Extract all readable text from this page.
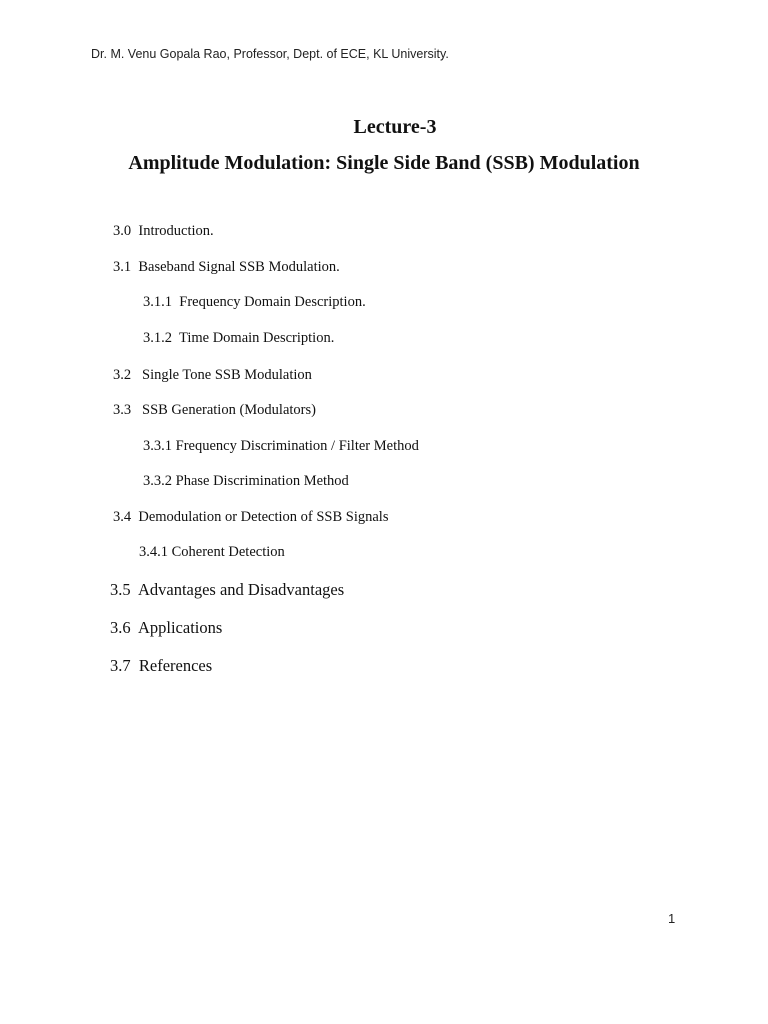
Dr. M. Venu Gopala Rao, Professor, Dept. of ECE, KL University.
Lecture-3
Amplitude Modulation: Single Side Band (SSB) Modulation
3.0  Introduction.
3.1  Baseband Signal SSB Modulation.
3.1.1  Frequency Domain Description.
3.1.2  Time Domain Description.
3.2   Single Tone SSB Modulation
3.3   SSB Generation (Modulators)
3.3.1 Frequency Discrimination / Filter Method
3.3.2 Phase Discrimination Method
3.4  Demodulation or Detection of SSB Signals
3.4.1 Coherent Detection
3.5  Advantages and Disadvantages
3.6  Applications
3.7  References
1
